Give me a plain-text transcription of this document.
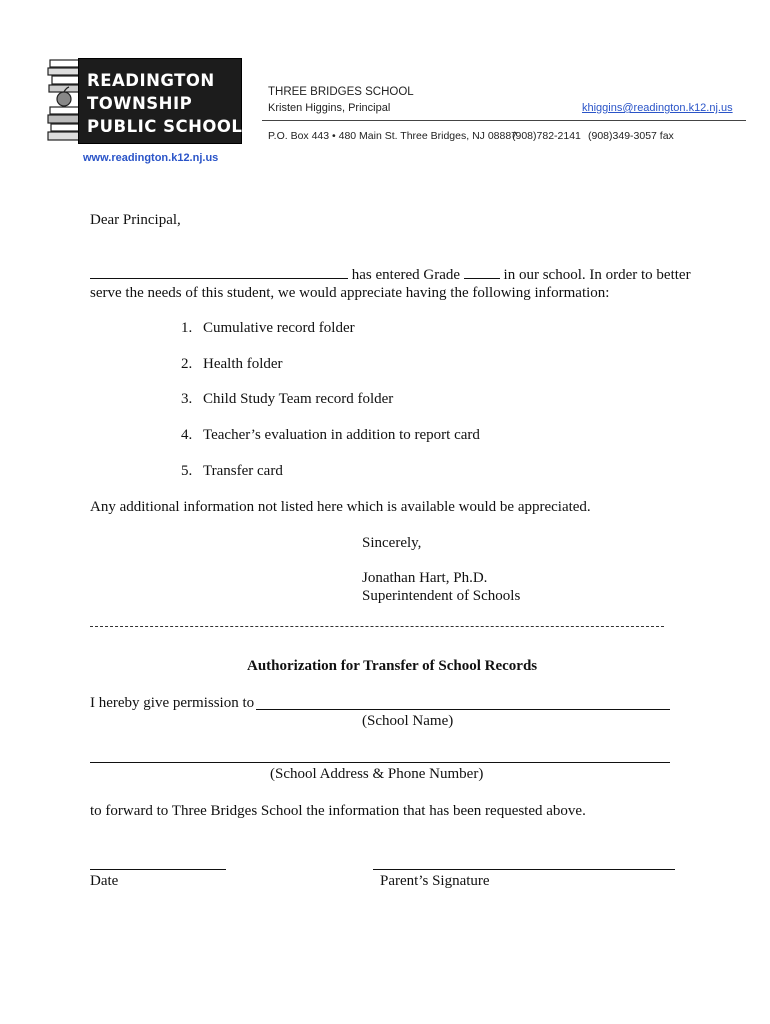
READINGTON
TOWNSHIP
PUBLIC SCHOOLS
www.readington.k12.nj.us
THREE BRIDGES SCHOOL
Kristen Higgins, Principal	khiggins@readington.k12.nj.us
P.O. Box 443 • 480 Main St. Three Bridges, NJ 08887
(908)782-2141 (908)349-3057 fax
Dear Principal,
has entered Grade	in our school. In order to better
serve the needs of this student, we would appreciate having the following information:
1. Cumulative record folder
2. Health folder
3. Child Study Team record folder
4. Teacher’s evaluation in addition to report card
5. Transfer card
Any additional information not listed here which is available would be appreciated.
Sincerely,
Jonathan Hart, Ph.D.
Superintendent of Schools
Authorization for Transfer of School Records
I hereby give permission to
(School Name)
(School Address & Phone Number)
to forward to Three Bridges School the information that has been requested above.
Date	Parent’s Signature
